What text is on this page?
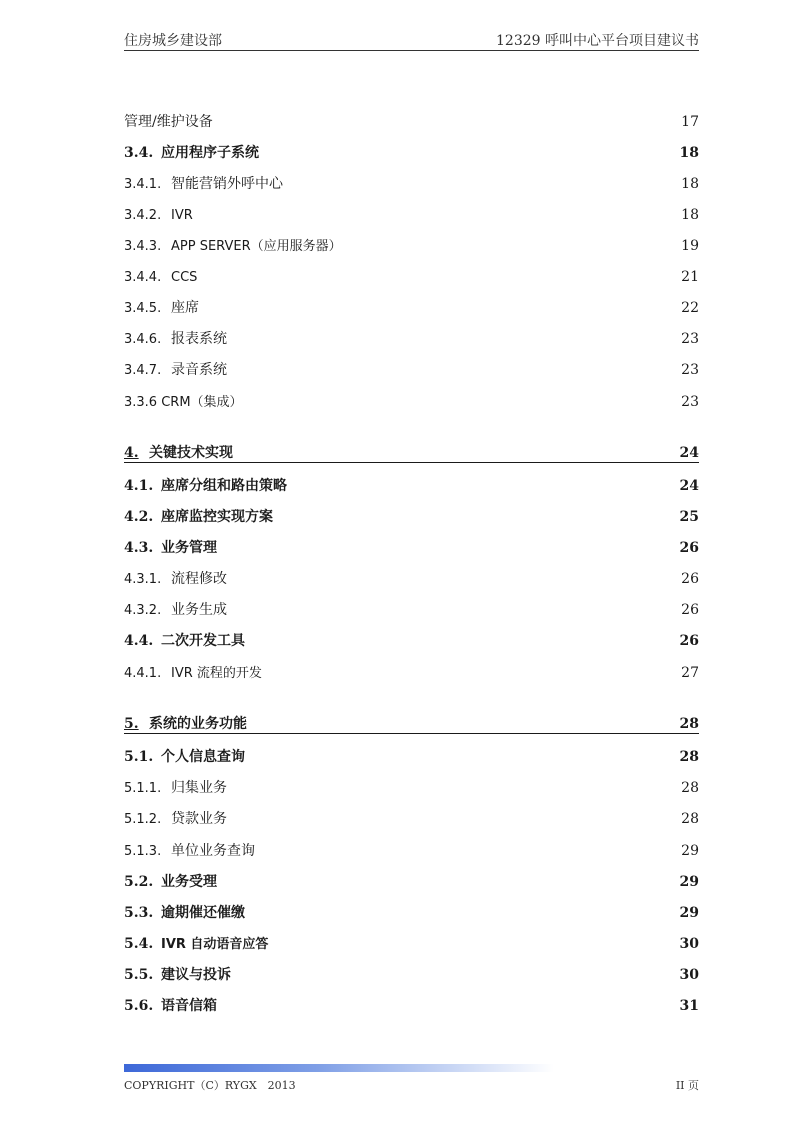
住房城乡建设部	12329 呼叫中心平台项目建议书
管理/维护设备	17
3.4. 应用程序子系统	18
3.4.1. 智能营销外呼中心	18
3.4.2. IVR	18
3.4.3. APP SERVER（应用服务器）	19
3.4.4. CCS	21
3.4.5. 座席	22
3.4.6. 报表系统	23
3.4.7. 录音系统	23
3.3.6 CRM（集成）	23
4. 关键技术实现	24
4.1. 座席分组和路由策略	24
4.2. 座席监控实现方案	25
4.3. 业务管理	26
4.3.1. 流程修改	26
4.3.2. 业务生成	26
4.4. 二次开发工具	26
4.4.1. IVR 流程的开发	27
5. 系统的业务功能	28
5.1. 个人信息查询	28
5.1.1. 归集业务	28
5.1.2. 贷款业务	28
5.1.3. 单位业务查询	29
5.2. 业务受理	29
5.3. 逾期催还催缴	29
5.4. IVR 自动语音应答	30
5.5. 建议与投诉	30
5.6. 语音信箱	31
COPYRIGHT（C）RYGX　2013	II 页
